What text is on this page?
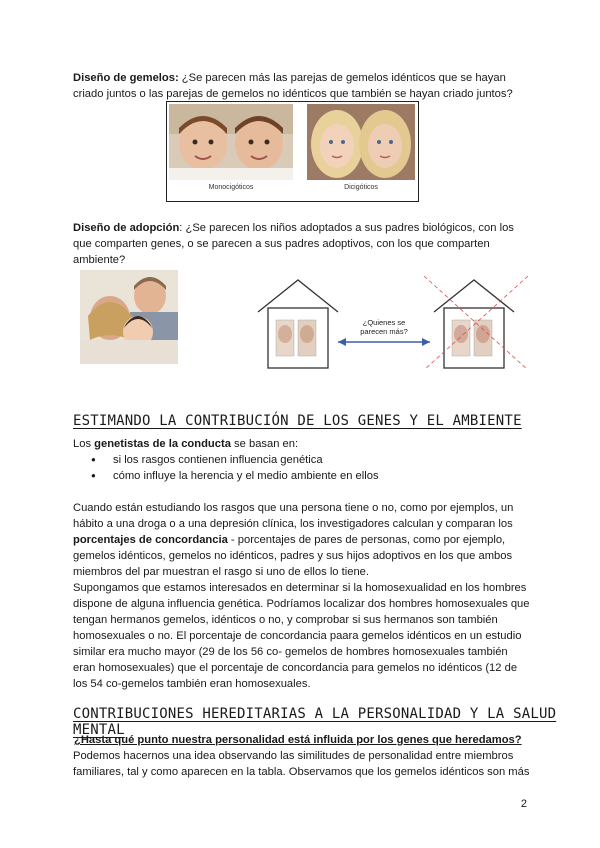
Diseño de gemelos: ¿Se parecen más las parejas de gemelos idénticos que se hayan criado juntos o las parejas de gemelos no idénticos que también se hayan criado juntos?

Monocigóticos	Dicigóticos

Diseño de adopción: ¿Se parecen los niños adoptados a sus padres biológicos, con los que comparten genes, o se parecen a sus padres adoptivos, con los que comparten ambiente?

¿Quienes se parecen más?
ESTIMANDO LA CONTRIBUCIÓN DE LOS GENES Y EL AMBIENTE

Los genetistas de la conducta se basan en:

● si los rasgos contienen influencia genética
● cómo influye la herencia y el medio ambiente en ellos

Cuando están estudiando los rasgos que una persona tiene o no, como por ejemplos, un hábito a una droga o a una depresión clínica, los investigadores calculan y comparan los porcentajes de concordancia - porcentajes de pares de personas, como por ejemplo, gemelos idénticos, gemelos no idénticos, padres y sus hijos adoptivos en los que ambos miembros del par muestran el rasgo si uno de ellos lo tiene.

Supongamos que estamos interesados en determinar si la homosexualidad en los hombres dispone de alguna influencia genética. Podríamos localizar dos hombres homosexuales que tengan hermanos gemelos, idénticos o no, y comprobar si sus hermanos son también homosexuales o no. El porcentaje de concordancia paara gemelos idénticos en un estudio similar era mucho mayor (29 de los 56 co- gemelos de hombres homosexuales también eran homosexuales) que el porcentaje de concordancia para gemelos no idénticos (12 de los 54 co-gemelos también eran homosexuales.

CONTRIBUCIONES HEREDITARIAS A LA PERSONALIDAD Y LA SALUD MENTAL

¿Hasta qué punto nuestra personalidad está influida por los genes que heredamos?

Podemos hacernos una idea observando las similitudes de personalidad entre miembros familiares, tal y como aparecen en la tabla. Observamos que los gemelos idénticos son más

2
